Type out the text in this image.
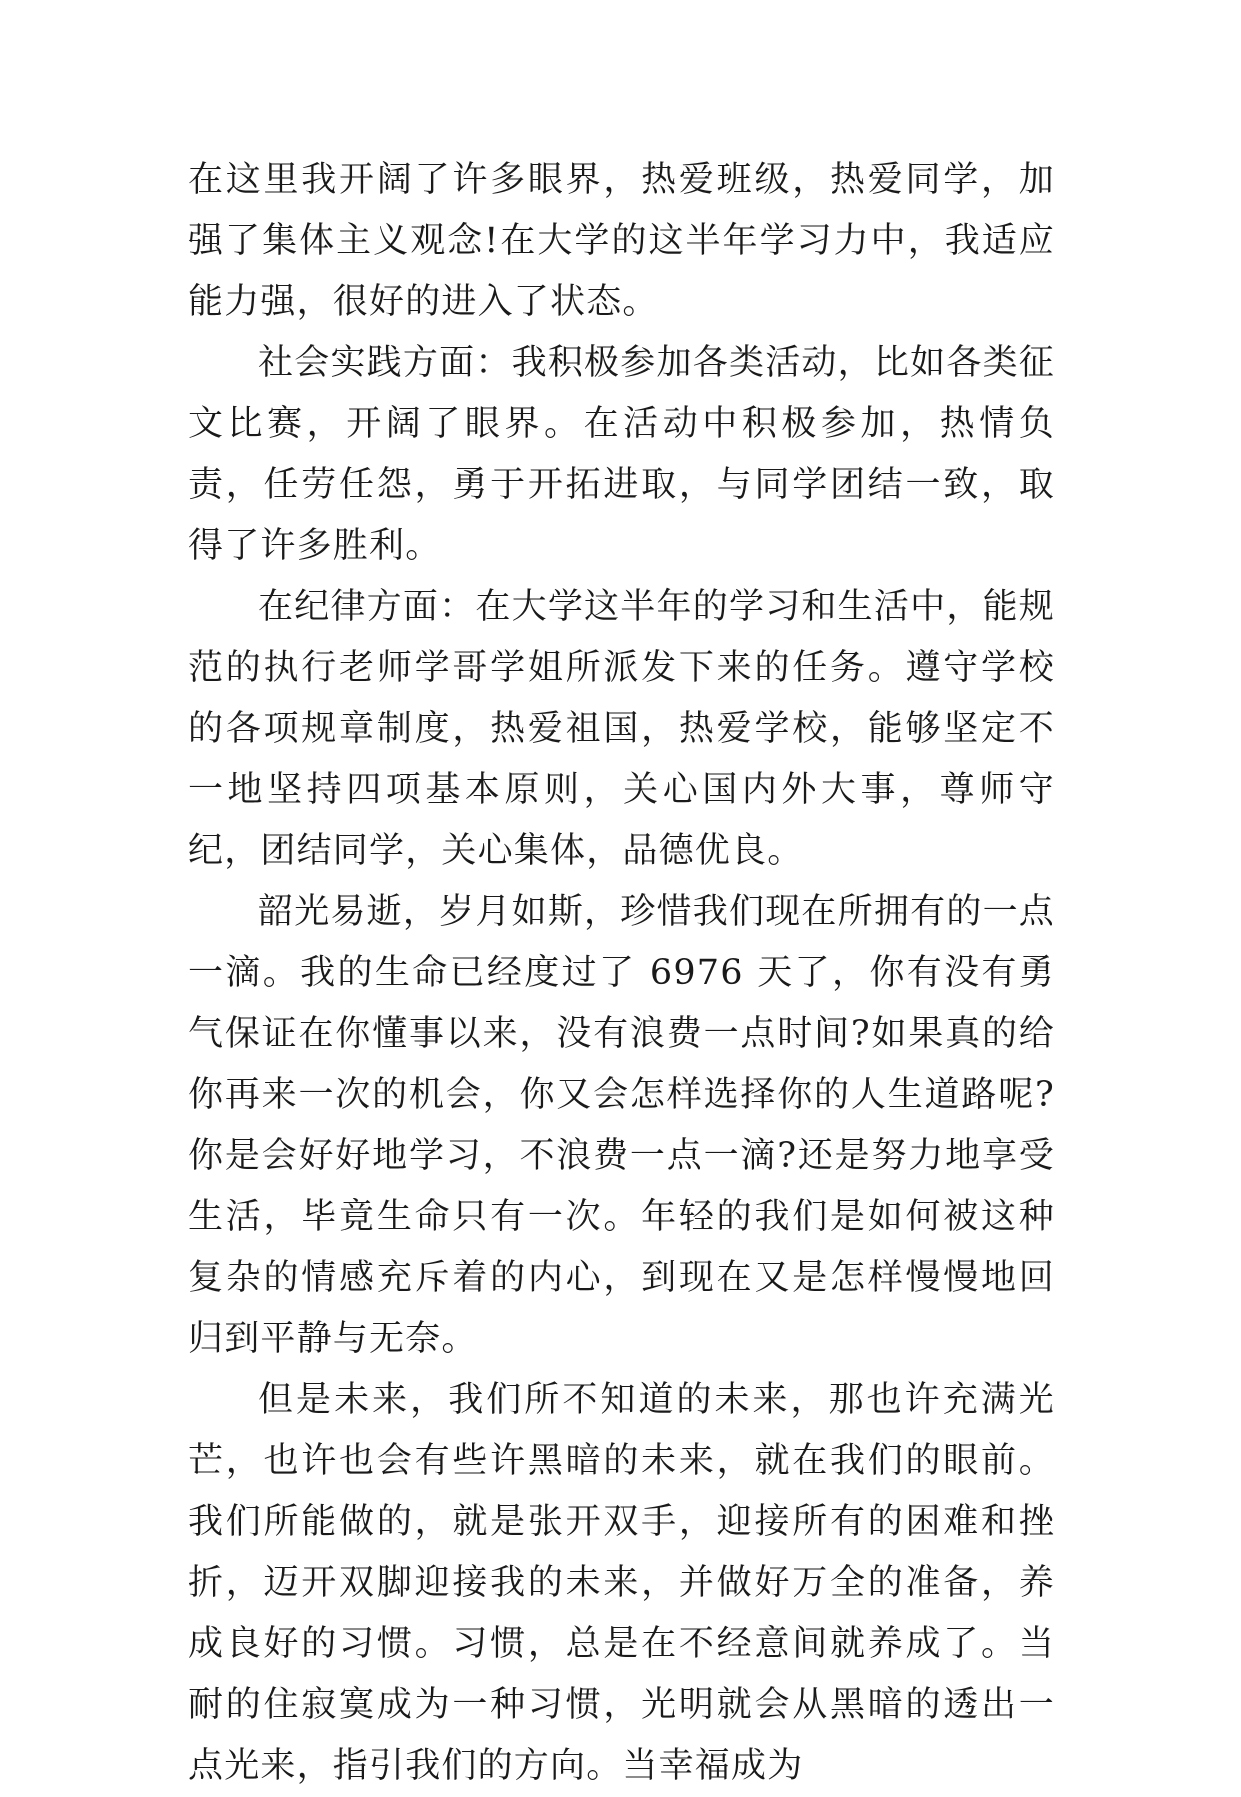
在这里我开阔了许多眼界，热爱班级，热爱同学，加强了集体主义观念!在大学的这半年学习力中，我适应能力强，很好的进入了状态。

社会实践方面：我积极参加各类活动，比如各类征文比赛，开阔了眼界。在活动中积极参加，热情负责，任劳任怨，勇于开拓进取，与同学团结一致，取得了许多胜利。

在纪律方面：在大学这半年的学习和生活中，能规范的执行老师学哥学姐所派发下来的任务。遵守学校的各项规章制度，热爱祖国，热爱学校，能够坚定不一地坚持四项基本原则，关心国内外大事，尊师守纪，团结同学，关心集体，品德优良。

韶光易逝，岁月如斯，珍惜我们现在所拥有的一点一滴。我的生命已经度过了 6976 天了，你有没有勇气保证在你懂事以来，没有浪费一点时间?如果真的给你再来一次的机会，你又会怎样选择你的人生道路呢?你是会好好地学习，不浪费一点一滴?还是努力地享受生活，毕竟生命只有一次。年轻的我们是如何被这种复杂的情感充斥着的内心，到现在又是怎样慢慢地回归到平静与无奈。

但是未来，我们所不知道的未来，那也许充满光芒，也许也会有些许黑暗的未来，就在我们的眼前。我们所能做的，就是张开双手，迎接所有的困难和挫折，迈开双脚迎接我的未来，并做好万全的准备，养成良好的习惯。习惯，总是在不经意间就养成了。当耐的住寂寞成为一种习惯，光明就会从黑暗的透出一点光来，指引我们的方向。当幸福成为
